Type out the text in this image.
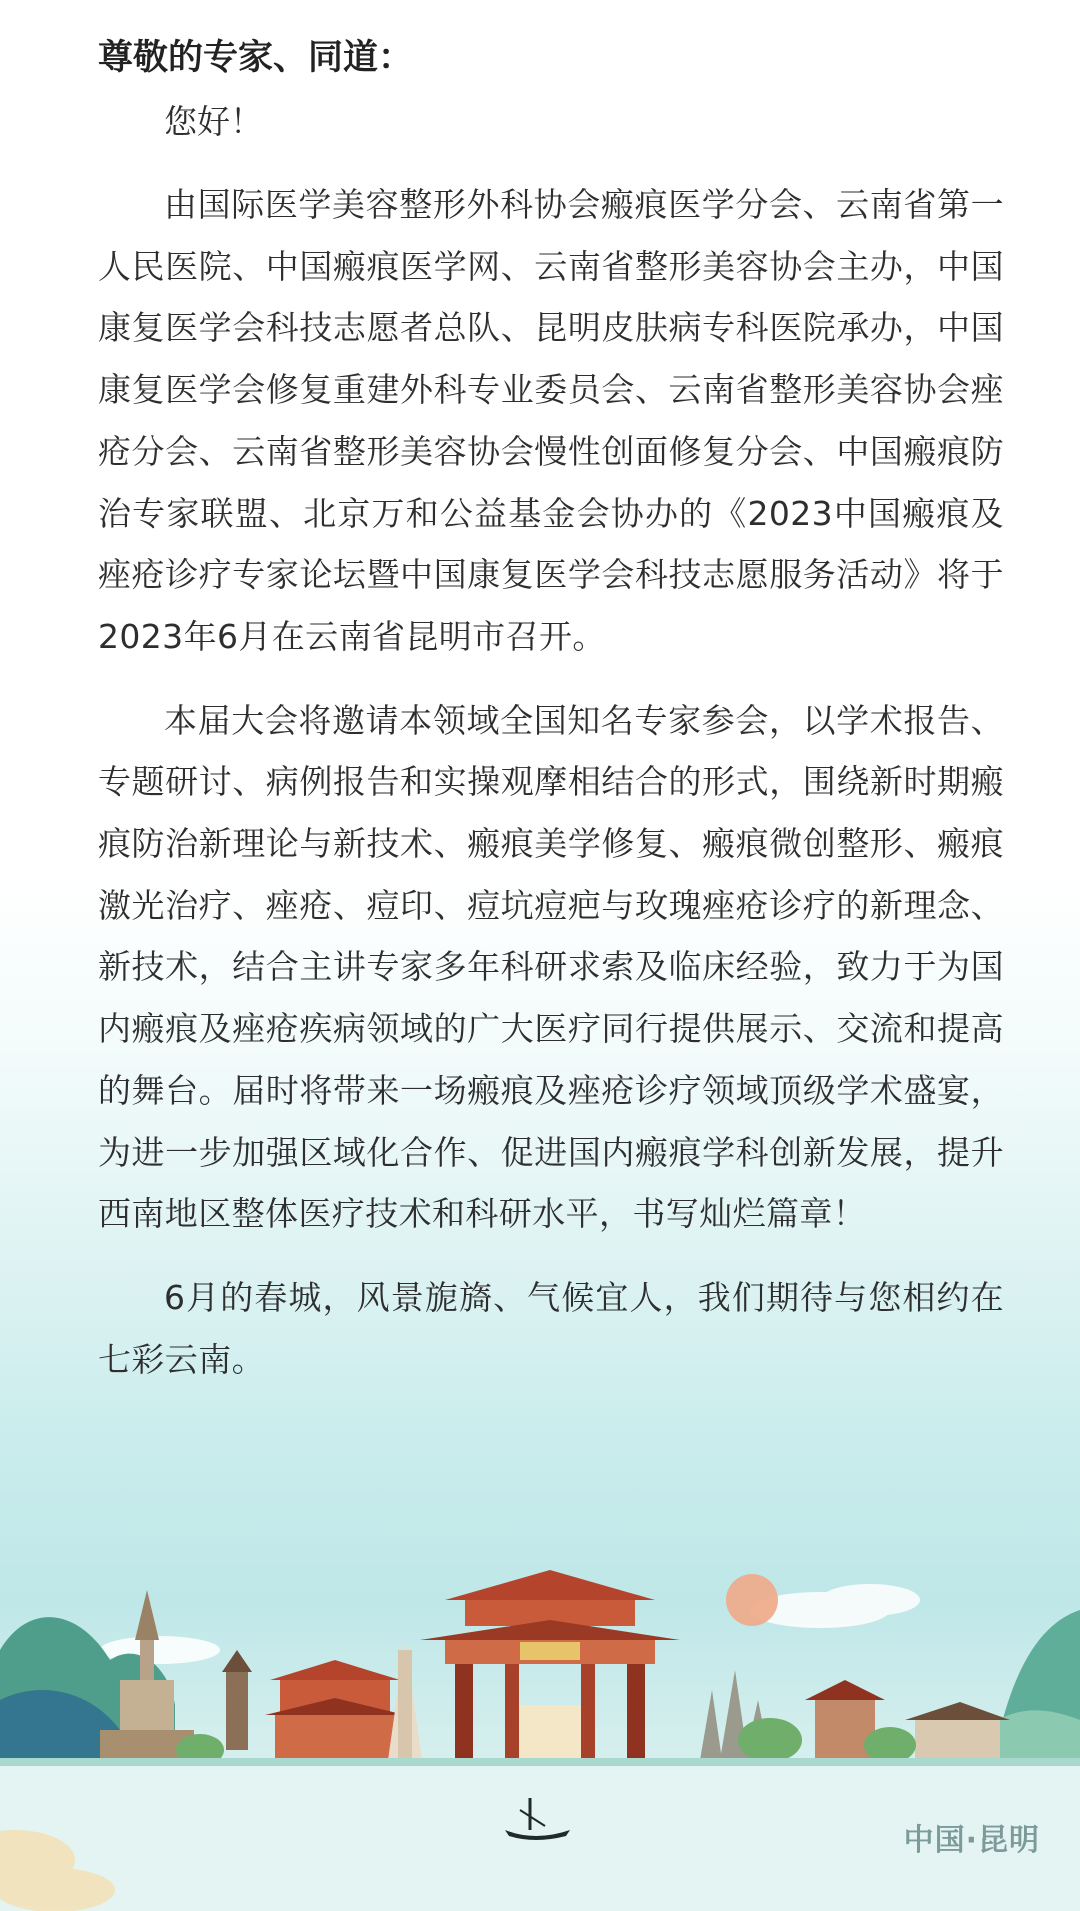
尊敬的专家、同道：

您好！

由国际医学美容整形外科协会瘢痕医学分会、云南省第一人民医院、中国瘢痕医学网、云南省整形美容协会主办，中国康复医学会科技志愿者总队、昆明皮肤病专科医院承办，中国康复医学会修复重建外科专业委员会、云南省整形美容协会痤疮分会、云南省整形美容协会慢性创面修复分会、中国瘢痕防治专家联盟、北京万和公益基金会协办的《2023中国瘢痕及痤疮诊疗专家论坛暨中国康复医学会科技志愿服务活动》将于2023年6月在云南省昆明市召开。

本届大会将邀请本领域全国知名专家参会，以学术报告、专题研讨、病例报告和实操观摩相结合的形式，围绕新时期瘢痕防治新理论与新技术、瘢痕美学修复、瘢痕微创整形、瘢痕激光治疗、痤疮、痘印、痘坑痘疤与玫瑰痤疮诊疗的新理念、新技术，结合主讲专家多年科研求索及临床经验，致力于为国内瘢痕及痤疮疾病领域的广大医疗同行提供展示、交流和提高的舞台。届时将带来一场瘢痕及痤疮诊疗领域顶级学术盛宴，为进一步加强区域化合作、促进国内瘢痕学科创新发展，提升西南地区整体医疗技术和科研水平，书写灿烂篇章！

6月的春城，风景旎旖、气候宜人，我们期待与您相约在七彩云南。

中国·昆明
